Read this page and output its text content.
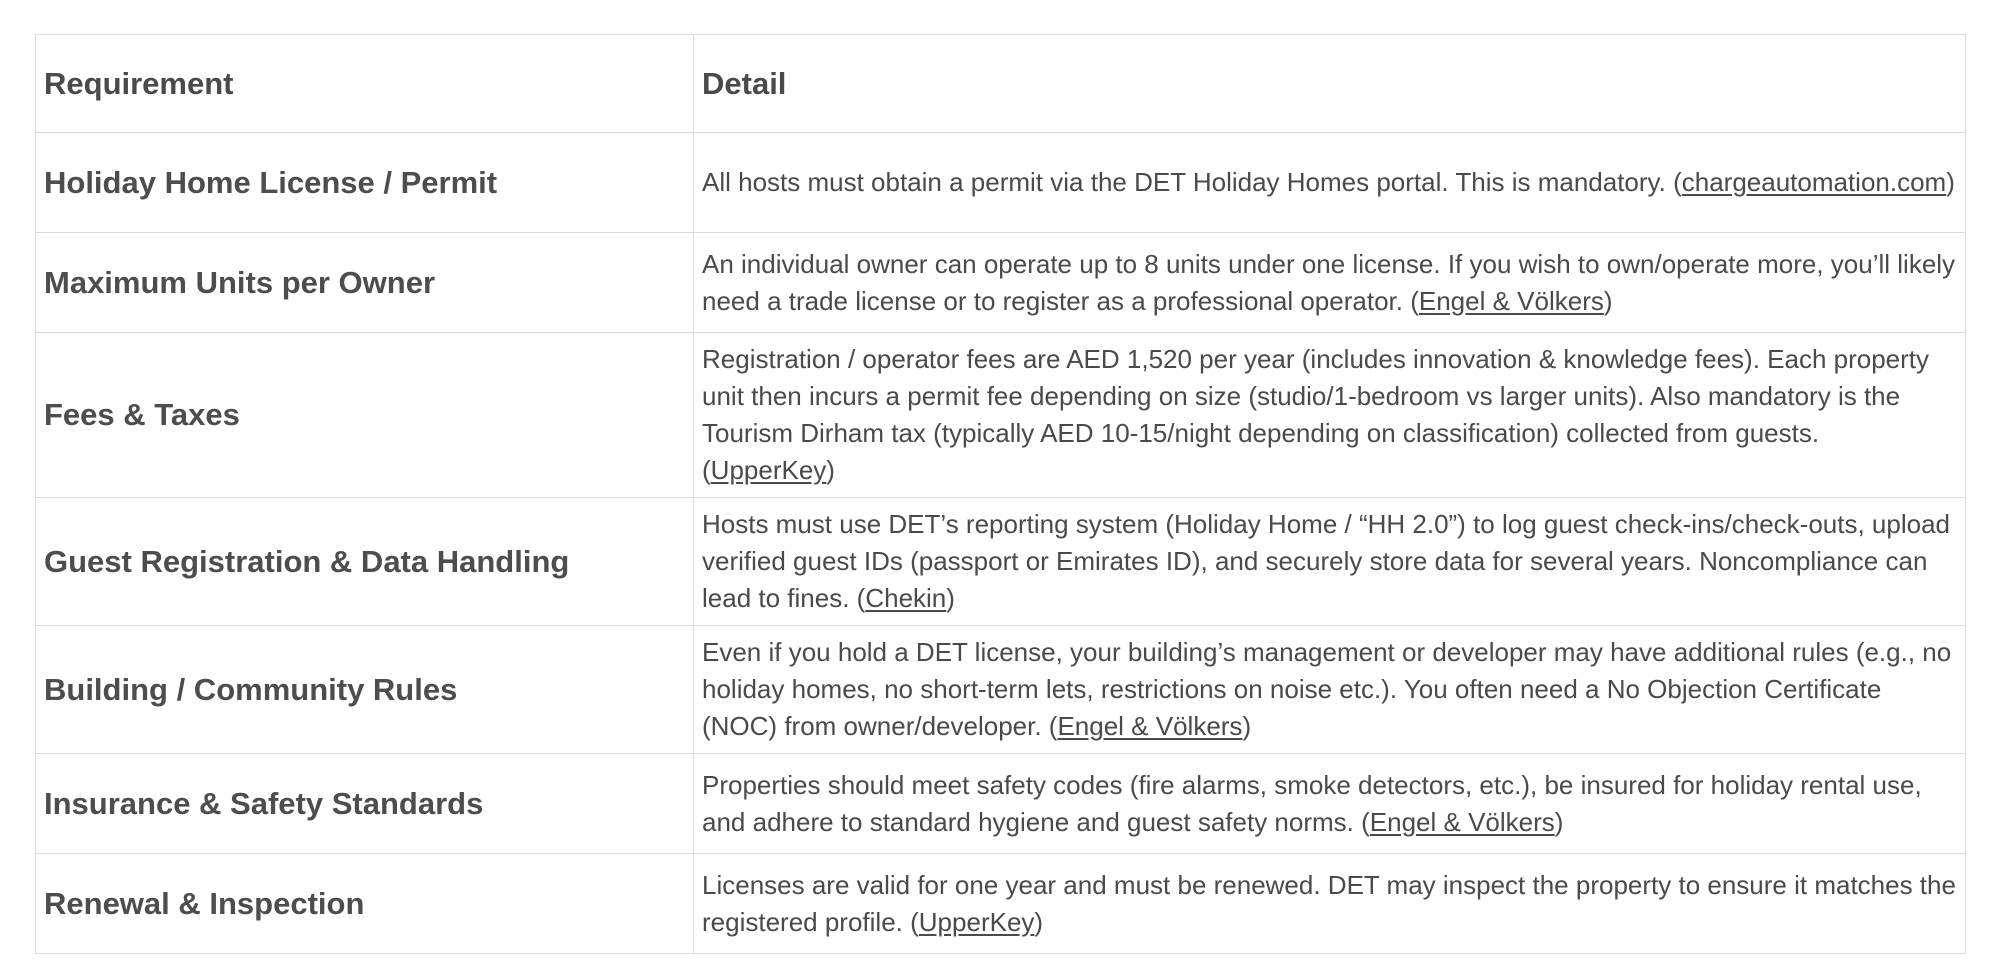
Requirement	Detail
Holiday Home License / Permit	All hosts must obtain a permit via the DET Holiday Homes portal. This is mandatory. (chargeautomation.com)
Maximum Units per Owner	An individual owner can operate up to 8 units under one license. If you wish to own/operate more, you’ll likely need a trade license or to register as a professional operator. (Engel & Völkers)
Fees & Taxes	Registration / operator fees are AED 1,520 per year (includes innovation & knowledge fees). Each property unit then incurs a permit fee depending on size (studio/1-bedroom vs larger units). Also mandatory is the Tourism Dirham tax (typically AED 10-15/night depending on classification) collected from guests. (UpperKey)
Guest Registration & Data Handling	Hosts must use DET’s reporting system (Holiday Home / “HH 2.0”) to log guest check-ins/check-outs, upload verified guest IDs (passport or Emirates ID), and securely store data for several years. Noncompliance can lead to fines. (Chekin)
Building / Community Rules	Even if you hold a DET license, your building’s management or developer may have additional rules (e.g., no holiday homes, no short-term lets, restrictions on noise etc.). You often need a No Objection Certificate (NOC) from owner/developer. (Engel & Völkers)
Insurance & Safety Standards	Properties should meet safety codes (fire alarms, smoke detectors, etc.), be insured for holiday rental use, and adhere to standard hygiene and guest safety norms. (Engel & Völkers)
Renewal & Inspection	Licenses are valid for one year and must be renewed. DET may inspect the property to ensure it matches the registered profile. (UpperKey)
